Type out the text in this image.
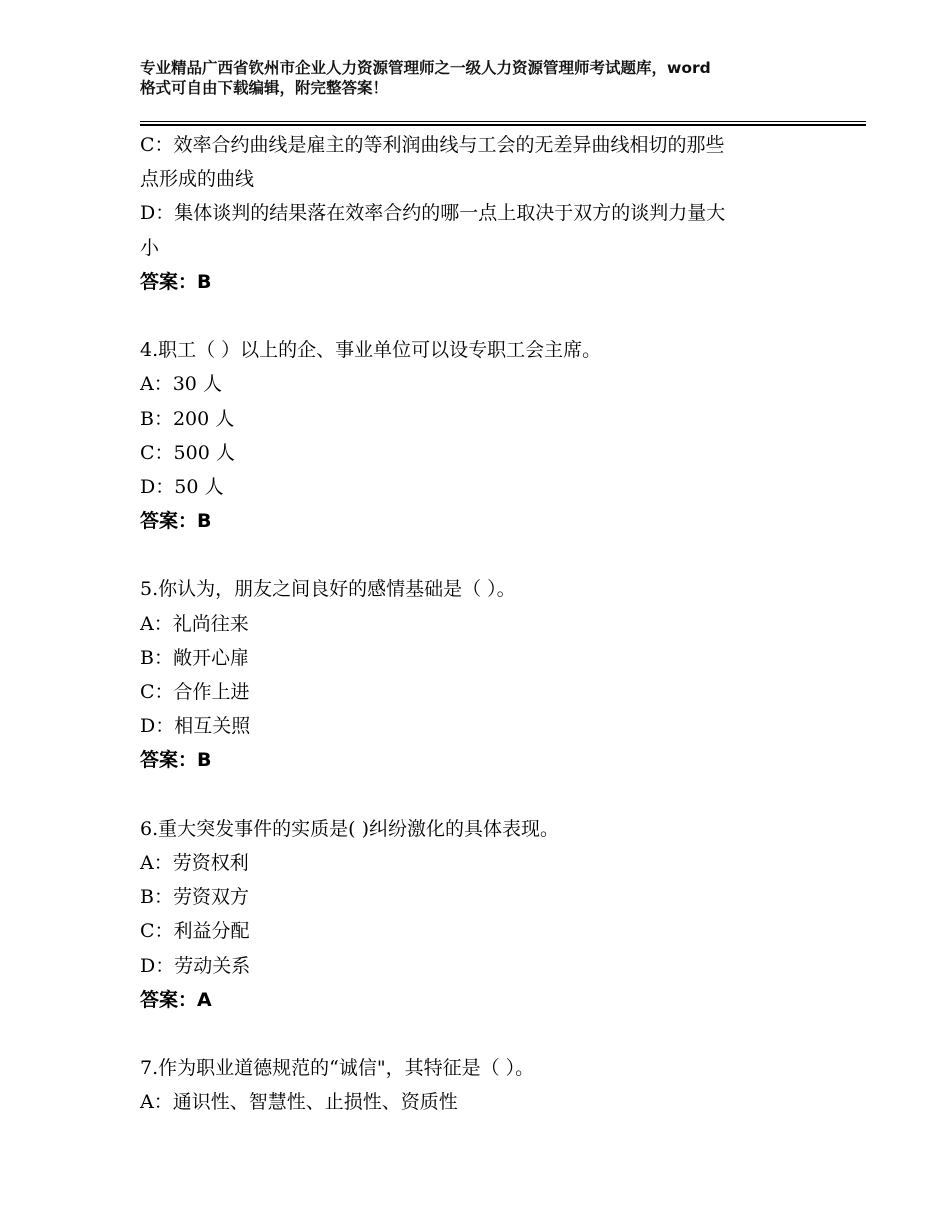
专业精品广西省钦州市企业人力资源管理师之一级人力资源管理师考试题库，word
格式可自由下载编辑，附完整答案！
C：效率合约曲线是雇主的等利润曲线与工会的无差异曲线相切的那些
点形成的曲线
D：集体谈判的结果落在效率合约的哪一点上取决于双方的谈判力量大
小
答案：B
4.职工（ ）以上的企、事业单位可以设专职工会主席。
A：30 人
B：200 人
C：500 人
D：50 人
答案：B
5.你认为，朋友之间良好的感情基础是（ ）。
A：礼尚往来
B：敞开心扉
C：合作上进
D：相互关照
答案：B
6.重大突发事件的实质是( )纠纷激化的具体表现。
A：劳资权利
B：劳资双方
C：利益分配
D：劳动关系
答案：A
7.作为职业道德规范的“诚信"，其特征是（ ）。
A：通识性、智慧性、止损性、资质性
